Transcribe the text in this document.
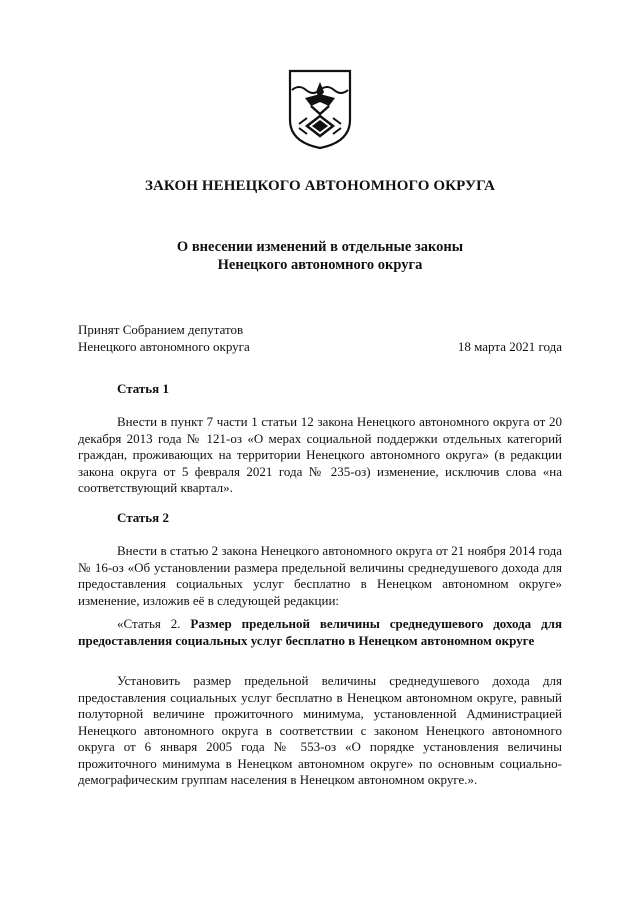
ЗАКОН НЕНЕЦКОГО АВТОНОМНОГО ОКРУГА
О внесении изменений в отдельные законы
Ненецкого автономного округа
Принят Собранием депутатов
Ненецкого автономного округа	18 марта 2021 года
Статья 1
Внести в пункт 7 части 1 статьи 12 закона Ненецкого автономного округа от 20 декабря 2013 года № 121-оз «О мерах социальной поддержки отдельных категорий граждан, проживающих на территории Ненецкого автономного округа» (в редакции закона округа от 5 февраля 2021 года № 235-оз) изменение, исключив слова «на соответствующий квартал».
Статья 2
Внести в статью 2 закона Ненецкого автономного округа от 21 ноября 2014 года № 16-оз «Об установлении размера предельной величины среднедушевого дохода для предоставления социальных услуг бесплатно в Ненецком автономном округе» изменение, изложив её в следующей редакции:
«Статья 2. Размер предельной величины среднедушевого дохода для предоставления социальных услуг бесплатно в Ненецком автономном округе
Установить размер предельной величины среднедушевого дохода для предоставления социальных услуг бесплатно в Ненецком автономном округе, равный полуторной величине прожиточного минимума, установленной Администрацией Ненецкого автономного округа в соответствии с законом Ненецкого автономного округа от 6 января 2005 года № 553-оз «О порядке установления величины прожиточного минимума в Ненецком автономном округе» по основным социально-демографическим группам населения в Ненецком автономном округе.».
